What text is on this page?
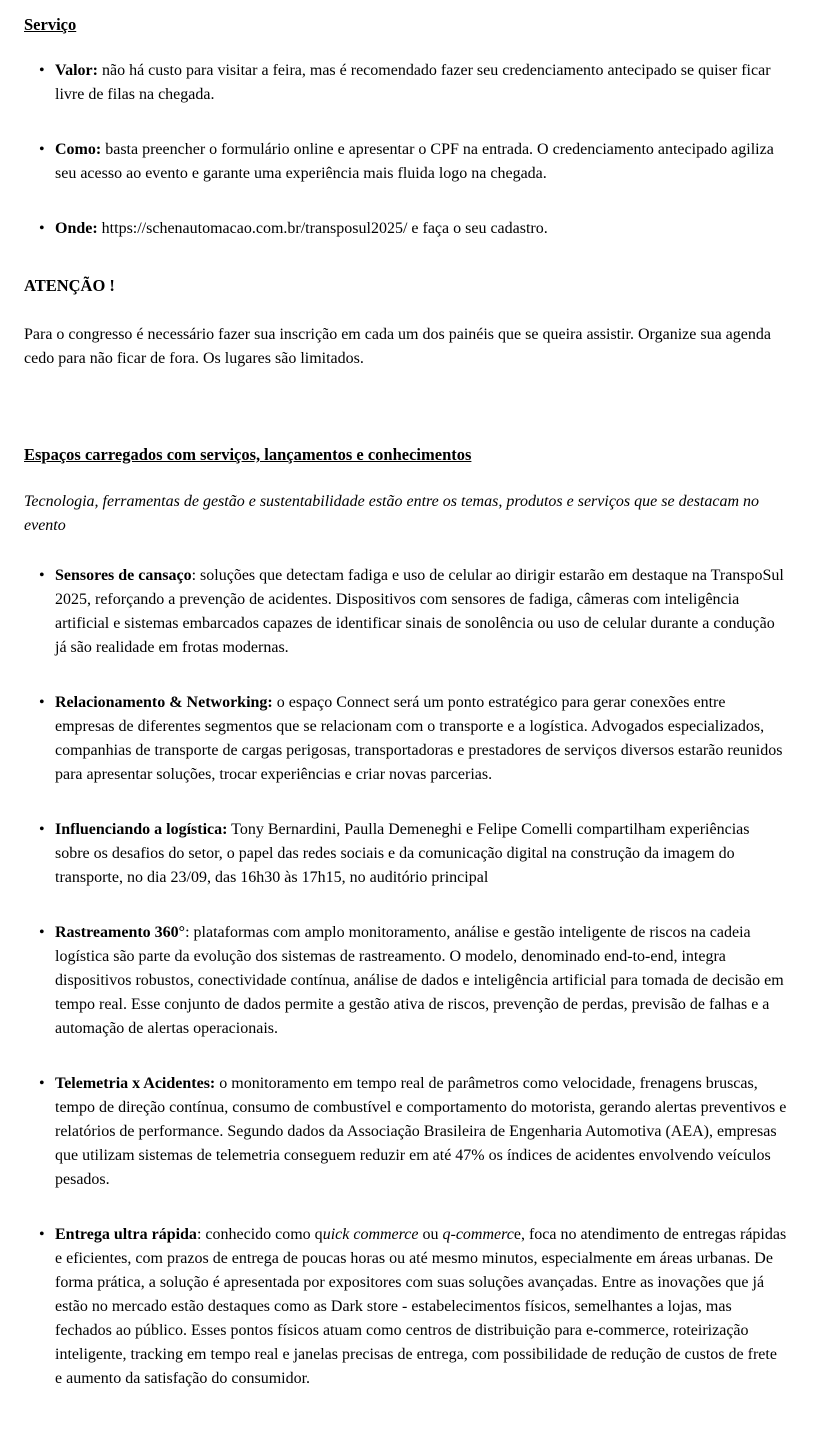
Serviço
• Valor: não há custo para visitar a feira, mas é recomendado fazer seu credenciamento antecipado se quiser ficar livre de filas na chegada.
• Como: basta preencher o formulário online e apresentar o CPF na entrada. O credenciamento antecipado agiliza seu acesso ao evento e garante uma experiência mais fluida logo na chegada.
• Onde: https://schenautomacao.com.br/transposul2025/ e faça o seu cadastro.
ATENÇÃO !

Para o congresso é necessário fazer sua inscrição em cada um dos painéis que se queira assistir. Organize sua agenda cedo para não ficar de fora. Os lugares são limitados.

Espaços carregados com serviços, lançamentos e conhecimentos

Tecnologia, ferramentas de gestão e sustentabilidade estão entre os temas, produtos e serviços que se destacam no evento

• Sensores de cansaço: soluções que detectam fadiga e uso de celular ao dirigir estarão em destaque na TranspoSul 2025, reforçando a prevenção de acidentes. Dispositivos com sensores de fadiga, câmeras com inteligência artificial e sistemas embarcados capazes de identificar sinais de sonolência ou uso de celular durante a condução já são realidade em frotas modernas.
• Relacionamento & Networking: o espaço Connect será um ponto estratégico para gerar conexões entre empresas de diferentes segmentos que se relacionam com o transporte e a logística. Advogados especializados, companhias de transporte de cargas perigosas, transportadoras e prestadores de serviços diversos estarão reunidos para apresentar soluções, trocar experiências e criar novas parcerias.
• Influenciando a logística: Tony Bernardini, Paulla Demeneghi e Felipe Comelli compartilham experiências sobre os desafios do setor, o papel das redes sociais e da comunicação digital na construção da imagem do transporte, no dia 23/09, das 16h30 às 17h15, no auditório principal
• Rastreamento 360°: plataformas com amplo monitoramento, análise e gestão inteligente de riscos na cadeia logística são parte da evolução dos sistemas de rastreamento. O modelo, denominado end-to-end, integra dispositivos robustos, conectividade contínua, análise de dados e inteligência artificial para tomada de decisão em tempo real. Esse conjunto de dados permite a gestão ativa de riscos, prevenção de perdas, previsão de falhas e a automação de alertas operacionais.
• Telemetria x Acidentes: o monitoramento em tempo real de parâmetros como velocidade, frenagens bruscas, tempo de direção contínua, consumo de combustível e comportamento do motorista, gerando alertas preventivos e relatórios de performance. Segundo dados da Associação Brasileira de Engenharia Automotiva (AEA), empresas que utilizam sistemas de telemetria conseguem reduzir em até 47% os índices de acidentes envolvendo veículos pesados.
• Entrega ultra rápida: conhecido como quick commerce ou q-commerce, foca no atendimento de entregas rápidas e eficientes, com prazos de entrega de poucas horas ou até mesmo minutos, especialmente em áreas urbanas. De forma prática, a solução é apresentada por expositores com suas soluções avançadas. Entre as inovações que já estão no mercado estão destaques como as Dark store - estabelecimentos físicos, semelhantes a lojas, mas fechados ao público. Esses pontos físicos atuam como centros de distribuição para e-commerce, roteirização inteligente, tracking em tempo real e janelas precisas de entrega, com possibilidade de redução de custos de frete e aumento da satisfação do consumidor.
